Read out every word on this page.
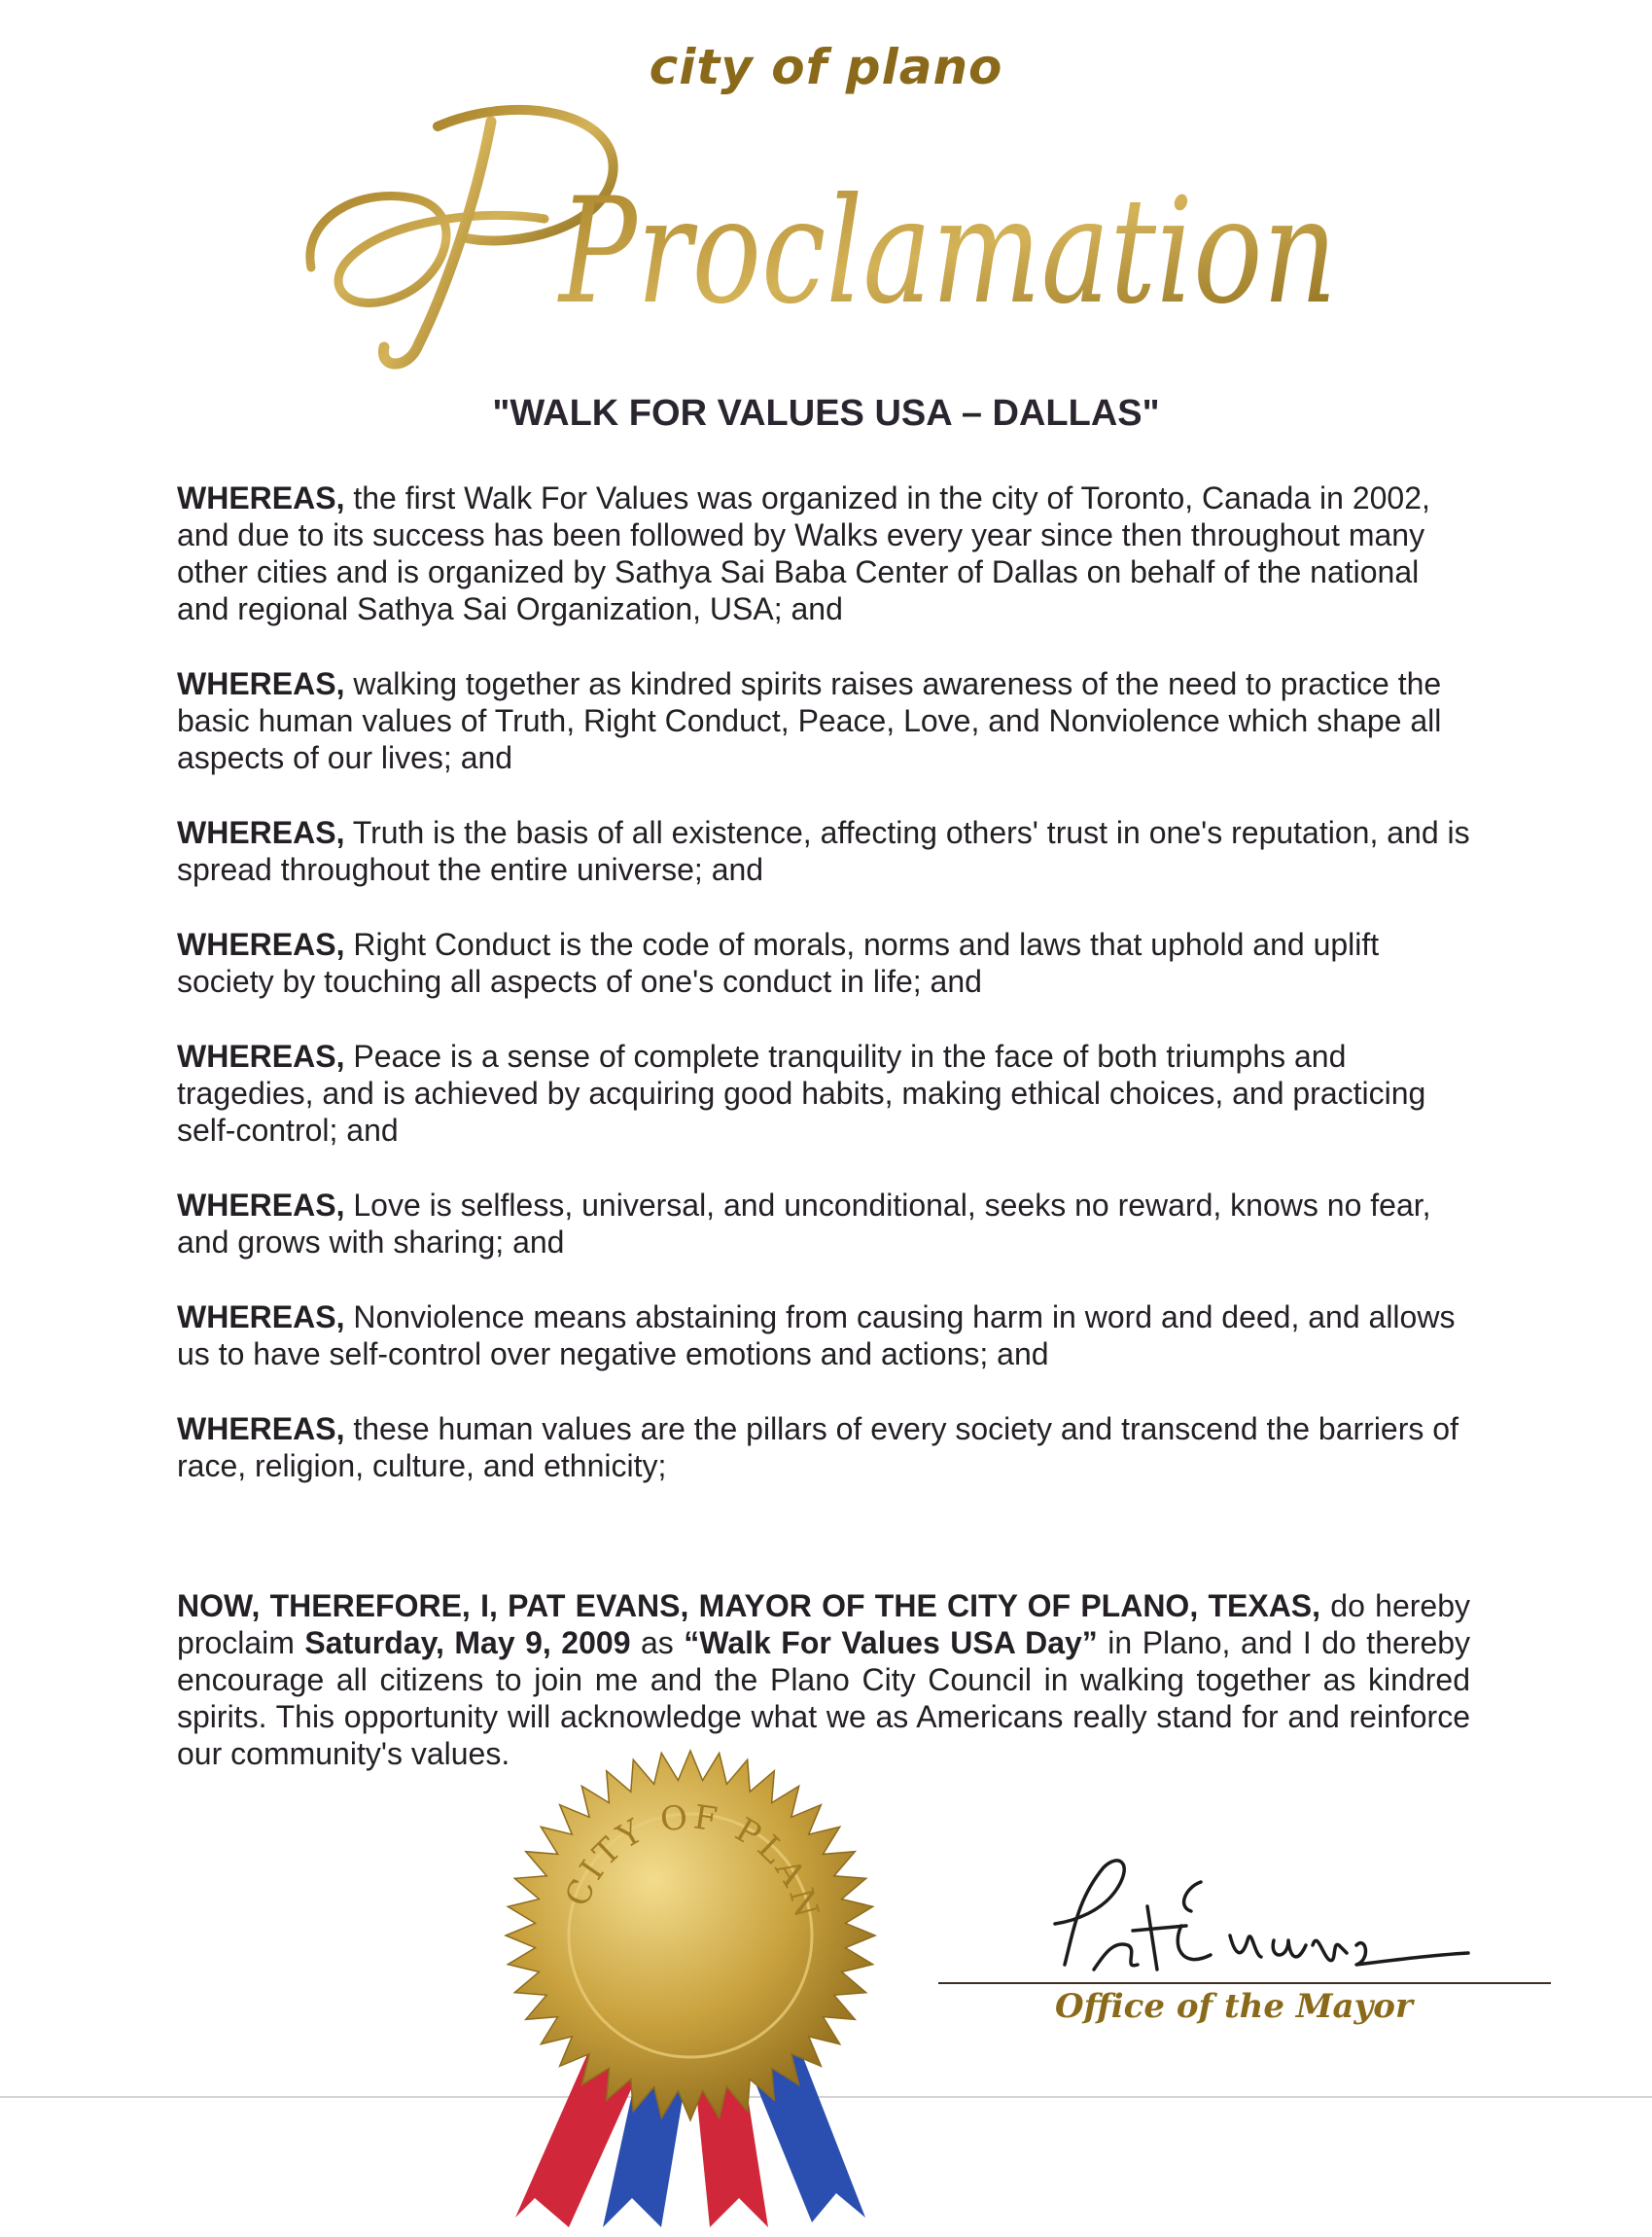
city of plano
Proclamation
"WALK FOR VALUES USA – DALLAS"

WHEREAS, the first Walk For Values was organized in the city of Toronto, Canada in 2002, and due to its success has been followed by Walks every year since then throughout many other cities and is organized by Sathya Sai Baba Center of Dallas on behalf of the national and regional Sathya Sai Organization, USA; and

WHEREAS, walking together as kindred spirits raises awareness of the need to practice the basic human values of Truth, Right Conduct, Peace, Love, and Nonviolence which shape all aspects of our lives; and

WHEREAS, Truth is the basis of all existence, affecting others' trust in one's reputation, and is spread throughout the entire universe; and

WHEREAS, Right Conduct is the code of morals, norms and laws that uphold and uplift society by touching all aspects of one's conduct in life; and

WHEREAS, Peace is a sense of complete tranquility in the face of both triumphs and tragedies, and is achieved by acquiring good habits, making ethical choices, and practicing self-control; and

WHEREAS, Love is selfless, universal, and unconditional, seeks no reward, knows no fear, and grows with sharing; and

WHEREAS, Nonviolence means abstaining from causing harm in word and deed, and allows us to have self-control over negative emotions and actions; and

WHEREAS, these human values are the pillars of every society and transcend the barriers of race, religion, culture, and ethnicity;

NOW, THEREFORE, I, PAT EVANS, MAYOR OF THE CITY OF PLANO, TEXAS, do hereby proclaim Saturday, May 9, 2009 as “Walk For Values USA Day” in Plano, and I do thereby encourage all citizens to join me and the Plano City Council in walking together as kindred spirits. This opportunity will acknowledge what we as Americans really stand for and reinforce our community's values.

CITY OF PLAN
Office of the Mayor
